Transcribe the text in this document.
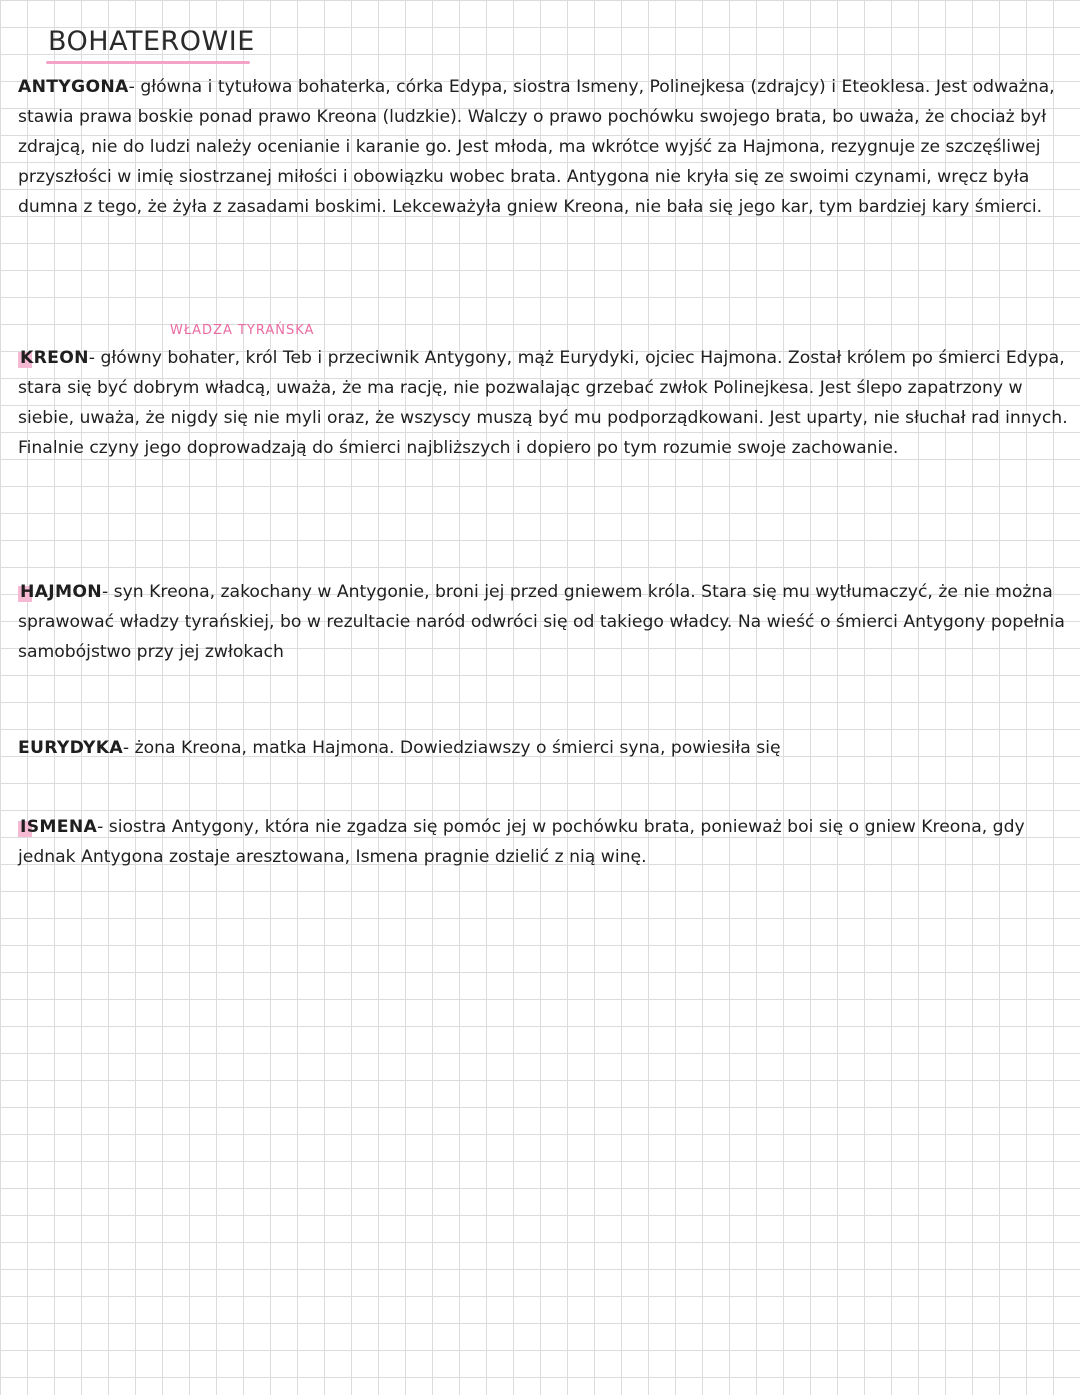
BOHATEROWIE

ANTYGONA- główna i tytułowa bohaterka, córka Edypa, siostra Ismeny, Polinejkesa (zdrajcy) i Eteoklesa. Jest odważna, stawia prawa boskie ponad prawo Kreona (ludzkie). Walczy o prawo pochówku swojego brata, bo uważa, że chociaż był zdrajcą, nie do ludzi należy ocenianie i karanie go. Jest młoda, ma wkrótce wyjść za Hajmona, rezygnuje ze szczęśliwej przyszłości w imię siostrzanej miłości i obowiązku wobec brata. Antygona nie kryła się ze swoimi czynami, wręcz była dumna z tego, że żyła z zasadami boskimi. Lekceważyła gniew Kreona, nie bała się jego kar, tym bardziej kary śmierci.

WŁADZA TYRAŃSKA

KREON- główny bohater, król Teb i przeciwnik Antygony, mąż Eurydyki, ojciec Hajmona. Został królem po śmierci Edypa, stara się być dobrym władcą, uważa, że ma rację, nie pozwalając grzebać zwłok Polinejkesa. Jest ślepo zapatrzony w siebie, uważa, że nigdy się nie myli oraz, że wszyscy muszą być mu podporządkowani. Jest uparty, nie słuchał rad innych. Finalnie czyny jego doprowadzają do śmierci najbliższych i dopiero po tym rozumie swoje zachowanie.

HAJMON- syn Kreona, zakochany w Antygonie, broni jej przed gniewem króla. Stara się mu wytłumaczyć, że nie można sprawować władzy tyrańskiej, bo w rezultacie naród odwróci się od takiego władcy. Na wieść o śmierci Antygony popełnia samobójstwo przy jej zwłokach

EURYDYKA- żona Kreona, matka Hajmona. Dowiedziawszy o śmierci syna, powiesiła się

ISMENA- siostra Antygony, która nie zgadza się pomóc jej w pochówku brata, ponieważ boi się o gniew Kreona, gdy jednak Antygona zostaje aresztowana, Ismena pragnie dzielić z nią winę.
